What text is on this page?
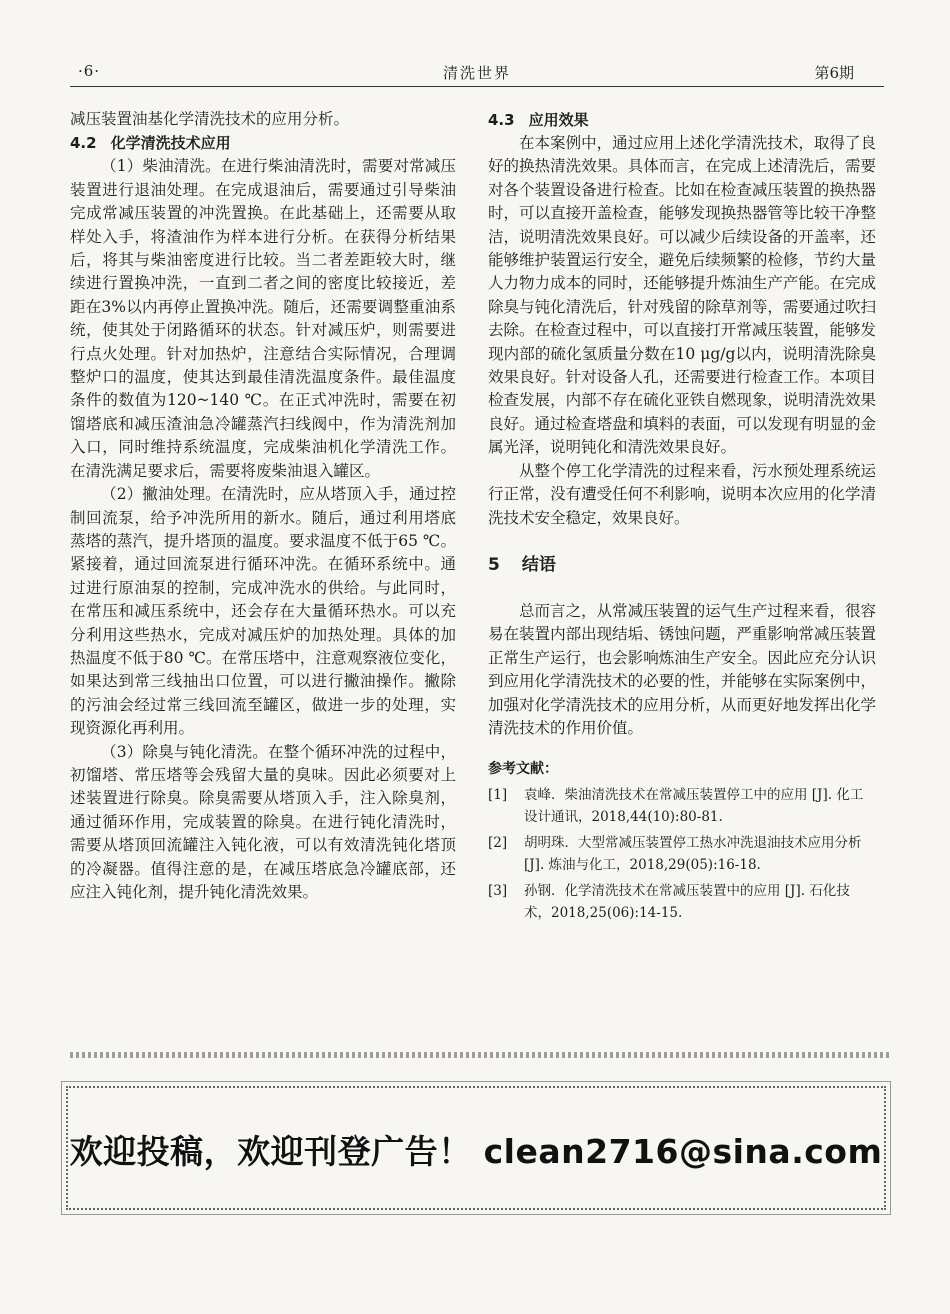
·6·	清洗世界	第6期

减压装置油基化学清洗技术的应用分析。

4.2 化学清洗技术应用

（1）柴油清洗。在进行柴油清洗时，需要对常减压装置进行退油处理。在完成退油后，需要通过引导柴油完成常减压装置的冲洗置换。在此基础上，还需要从取样处入手，将渣油作为样本进行分析。在获得分析结果后，将其与柴油密度进行比较。当二者差距较大时，继续进行置换冲洗，一直到二者之间的密度比较接近，差距在3%以内再停止置换冲洗。随后，还需要调整重油系统，使其处于闭路循环的状态。针对减压炉，则需要进行点火处理。针对加热炉，注意结合实际情况，合理调整炉口的温度，使其达到最佳清洗温度条件。最佳温度条件的数值为120~140 ℃。在正式冲洗时，需要在初馏塔底和减压渣油急冷罐蒸汽扫线阀中，作为清洗剂加入口，同时维持系统温度，完成柴油机化学清洗工作。在清洗满足要求后，需要将废柴油退入罐区。

（2）撇油处理。在清洗时，应从塔顶入手，通过控制回流泵，给予冲洗所用的新水。随后，通过利用塔底蒸塔的蒸汽，提升塔顶的温度。要求温度不低于65 ℃。紧接着，通过回流泵进行循环冲洗。在循环系统中。通过进行原油泵的控制，完成冲洗水的供给。与此同时，在常压和减压系统中，还会存在大量循环热水。可以充分利用这些热水，完成对减压炉的加热处理。具体的加热温度不低于80 ℃。在常压塔中，注意观察液位变化，如果达到常三线抽出口位置，可以进行撇油操作。撇除的污油会经过常三线回流至罐区，做进一步的处理，实现资源化再利用。

（3）除臭与钝化清洗。在整个循环冲洗的过程中，初馏塔、常压塔等会残留大量的臭味。因此必须要对上述装置进行除臭。除臭需要从塔顶入手，注入除臭剂，通过循环作用，完成装置的除臭。在进行钝化清洗时，需要从塔顶回流罐注入钝化液，可以有效清洗钝化塔顶的冷凝器。值得注意的是，在减压塔底急冷罐底部，还应注入钝化剂，提升钝化清洗效果。

4.3 应用效果

在本案例中，通过应用上述化学清洗技术，取得了良好的换热清洗效果。具体而言，在完成上述清洗后，需要对各个装置设备进行检查。比如在检查减压装置的换热器时，可以直接开盖检查，能够发现换热器管等比较干净整洁，说明清洗效果良好。可以减少后续设备的开盖率，还能够维护装置运行安全，避免后续频繁的检修，节约大量人力物力成本的同时，还能够提升炼油生产产能。在完成除臭与钝化清洗后，针对残留的除草剂等，需要通过吹扫去除。在检查过程中，可以直接打开常减压装置，能够发现内部的硫化氢质量分数在10 μg/g以内，说明清洗除臭效果良好。针对设备人孔，还需要进行检查工作。本项目检查发展，内部不存在硫化亚铁自燃现象，说明清洗效果良好。通过检查塔盘和填料的表面，可以发现有明显的金属光泽，说明钝化和清洗效果良好。

从整个停工化学清洗的过程来看，污水预处理系统运行正常，没有遭受任何不利影响，说明本次应用的化学清洗技术安全稳定，效果良好。

5 结语

总而言之，从常减压装置的运气生产过程来看，很容易在装置内部出现结垢、锈蚀问题，严重影响常减压装置正常生产运行，也会影响炼油生产安全。因此应充分认识到应用化学清洗技术的必要的性，并能够在实际案例中，加强对化学清洗技术的应用分析，从而更好地发挥出化学清洗技术的作用价值。

参考文献：
[1] 袁峰．柴油清洗技术在常减压装置停工中的应用 [J]. 化工设计通讯，2018,44(10):80-81.
[2] 胡明珠．大型常减压装置停工热水冲洗退油技术应用分析 [J]. 炼油与化工，2018,29(05):16-18.
[3] 孙钢．化学清洗技术在常减压装置中的应用 [J]. 石化技术，2018,25(06):14-15.
欢迎投稿，欢迎刊登广告！ clean2716@sina.com
